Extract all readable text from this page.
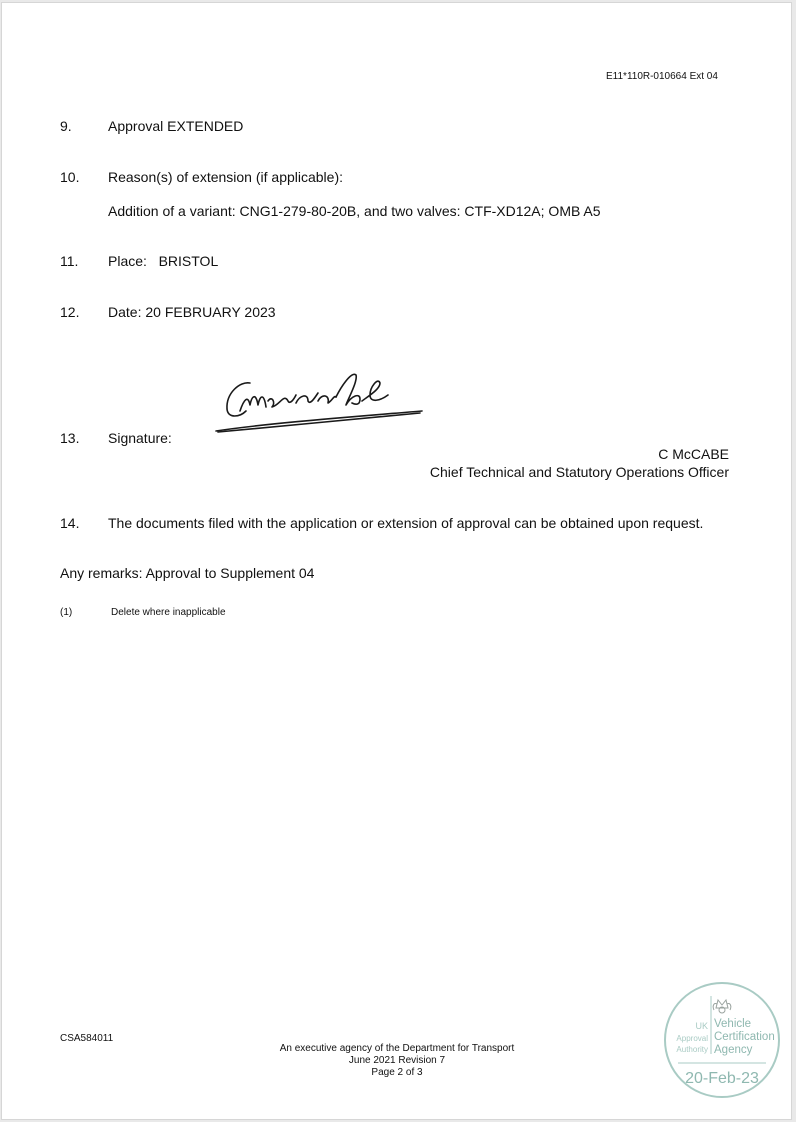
E11*110R-010664 Ext 04
9.	Approval EXTENDED
10. Reason(s) of extension (if applicable):
Addition of a variant: CNG1-279-80-20B, and two valves: CTF-XD12A; OMB A5
11. Place:   BRISTOL
12. Date: 20 FEBRUARY 2023
13. Signature:
C McCABE
Chief Technical and Statutory Operations Officer
14. The documents filed with the application or extension of approval can be obtained upon request.
Any remarks: Approval to Supplement 04
(1)	Delete where inapplicable
CSA584011
An executive agency of the Department for Transport
June 2021 Revision 7
Page 2 of 3
UK
Approval
Authority
Vehicle
Certification
Agency
20-Feb-23
